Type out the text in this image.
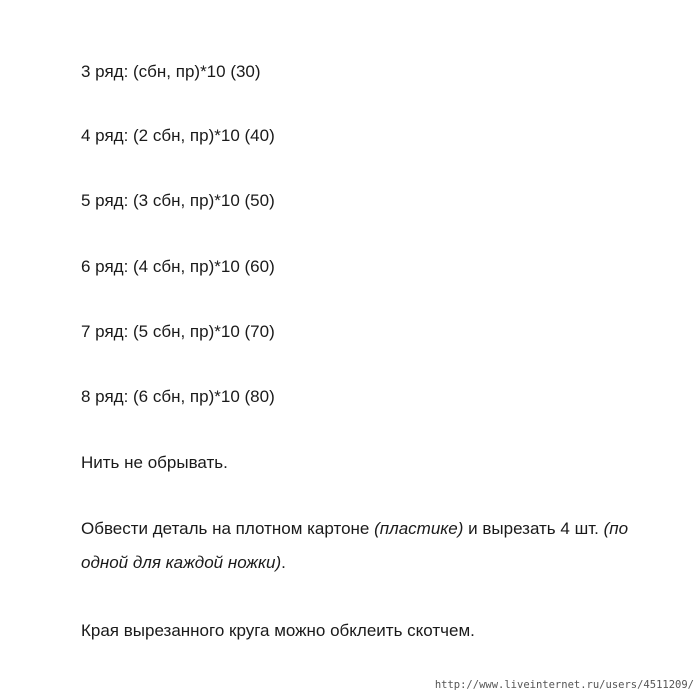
3 ряд: (сбн, пр)*10 (30)

4 ряд: (2 сбн, пр)*10 (40)

5 ряд: (3 сбн, пр)*10 (50)

6 ряд: (4 сбн, пр)*10 (60)

7 ряд: (5 сбн, пр)*10 (70)

8 ряд: (6 сбн, пр)*10 (80)

Нить не обрывать.

Обвести деталь на плотном картоне (пластике) и вырезать 4 шт. (по одной для каждой ножки).

Края вырезанного круга можно обклеить скотчем.

http://www.liveinternet.ru/users/4511209/
